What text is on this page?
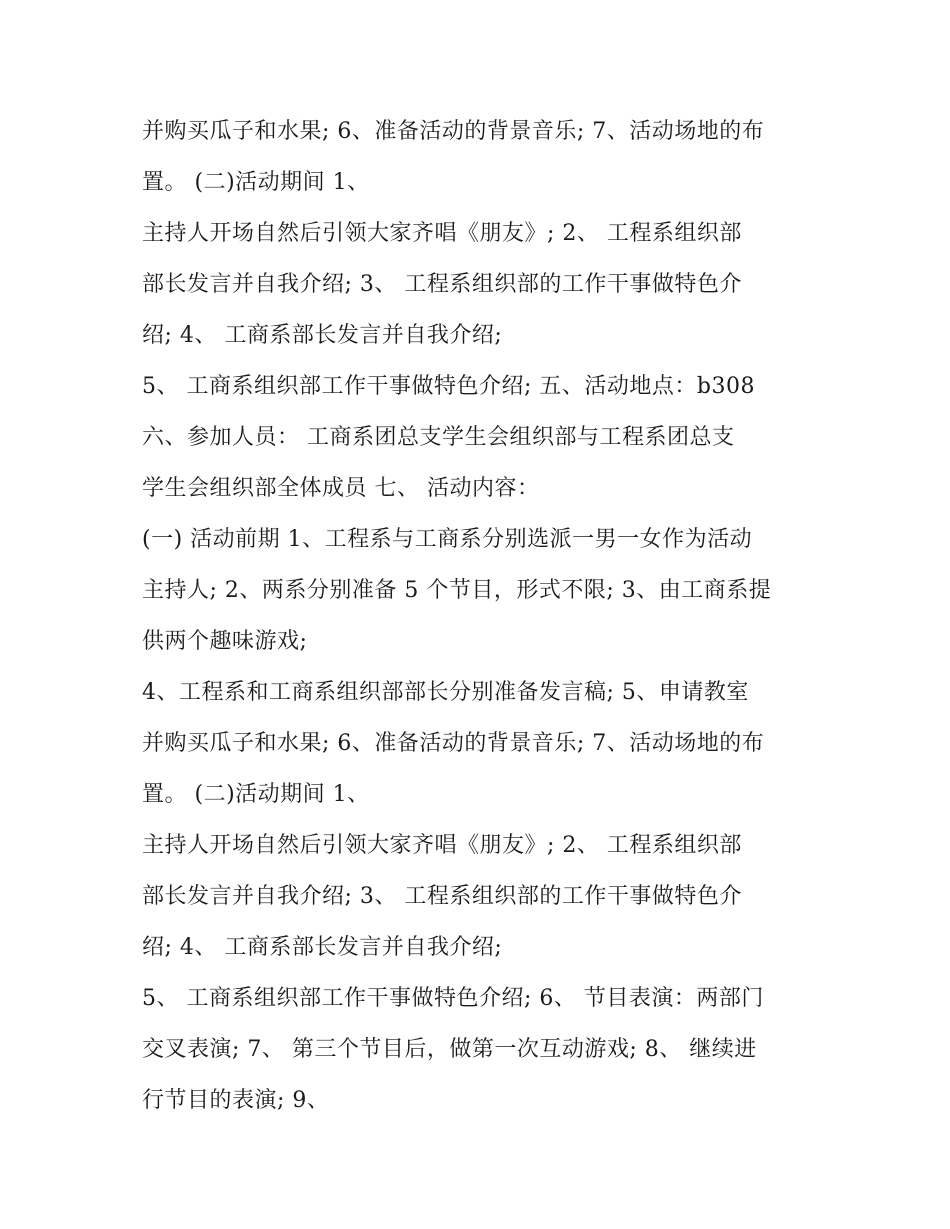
并购买瓜子和水果; 6、准备活动的背景音乐; 7、活动场地的布
置。 (二)活动期间 1、
主持人开场自然后引领大家齐唱《朋友》; 2、 工程系组织部
部长发言并自我介绍; 3、 工程系组织部的工作干事做特色介
绍; 4、 工商系部长发言并自我介绍;
5、 工商系组织部工作干事做特色介绍; 五、活动地点：b308
六、参加人员： 工商系团总支学生会组织部与工程系团总支
学生会组织部全体成员 七、 活动内容：
(一) 活动前期 1、工程系与工商系分别选派一男一女作为活动
主持人; 2、两系分别准备 5 个节目，形式不限; 3、由工商系提
供两个趣味游戏;
4、工程系和工商系组织部部长分别准备发言稿; 5、申请教室
并购买瓜子和水果; 6、准备活动的背景音乐; 7、活动场地的布
置。 (二)活动期间 1、
主持人开场自然后引领大家齐唱《朋友》; 2、 工程系组织部
部长发言并自我介绍; 3、 工程系组织部的工作干事做特色介
绍; 4、 工商系部长发言并自我介绍;
5、 工商系组织部工作干事做特色介绍; 6、 节目表演：两部门
交叉表演; 7、 第三个节目后，做第一次互动游戏; 8、 继续进
行节目的表演; 9、
